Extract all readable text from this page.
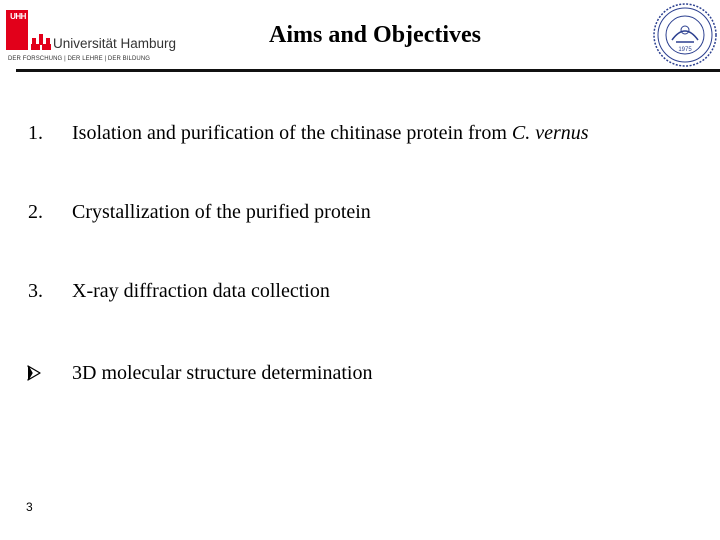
UHH
Universität Hamburg
DER FORSCHUNG | DER LEHRE | DER BILDUNG
Aims and Objectives
1975
1. Isolation and purification of the chitinase protein from C. vernus
2. Crystallization of the purified protein
3. X-ray diffraction data collection
3D molecular structure determination
3
